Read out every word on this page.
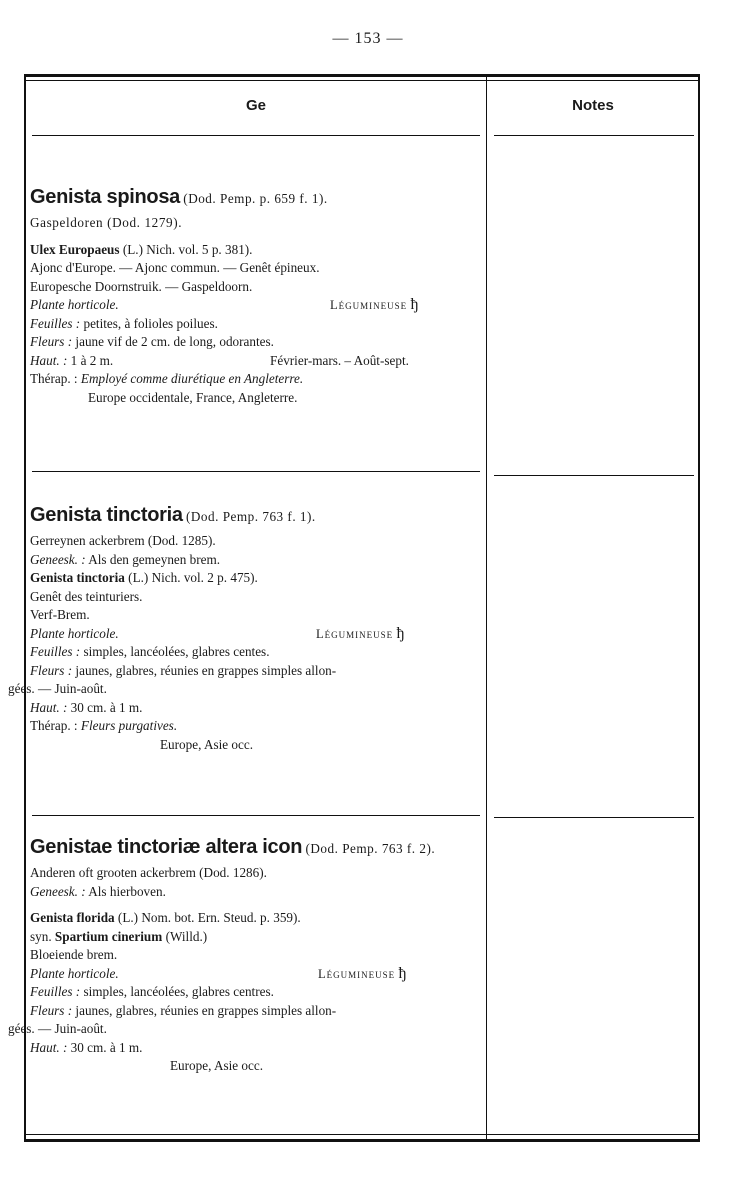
— 153 —
Ge	Notes
Genista spinosa (Dod. Pemp. p. 659 f. 1).
Gaspeldoren (Dod. 1279).
Ulex Europaeus (L.) Nich. vol. 5 p. 381).
Ajonc d'Europe. — Ajonc commun. — Genêt épineux.
Europesche Doornstruik. — Gaspeldoorn.
Plante horticole.	Légumineuse ђ
Feuilles : petites, à folioles poilues.
Fleurs : jaune vif de 2 cm. de long, odorantes.
Haut. : 1 à 2 m.	Février-mars. – Août-sept.
Thérap. : Employé comme diurétique en Angleterre.
Europe occidentale, France, Angleterre.
Genista tinctoria (Dod. Pemp. 763 f. 1).
Gerreynen ackerbrem (Dod. 1285).
Geneesk. : Als den gemeynen brem.
Genista tinctoria (L.) Nich. vol. 2 p. 475).
Genêt des teinturiers.
Verf-Brem.
Plante horticole.	Légumineuse ђ
Feuilles : simples, lancéolées, glabres centes.
Fleurs : jaunes, glabres, réunies en grappes simples allon-
gées. — Juin-août.
Haut. : 30 cm. à 1 m.
Thérap. : Fleurs purgatives.
Europe, Asie occ.
Genistae tinctoriæ altera icon (Dod. Pemp. 763 f. 2).
Anderen oft grooten ackerbrem (Dod. 1286).
Geneesk. : Als hierboven.
Genista florida (L.) Nom. bot. Ern. Steud. p. 359).
syn. Spartium cinerium (Willd.)
Bloeiende brem.
Plante horticole.	Légumineuse ђ
Feuilles : simples, lancéolées, glabres centres.
Fleurs : jaunes, glabres, réunies en grappes simples allon-
gées. — Juin-août.
Haut. : 30 cm. à 1 m.
Europe, Asie occ.
